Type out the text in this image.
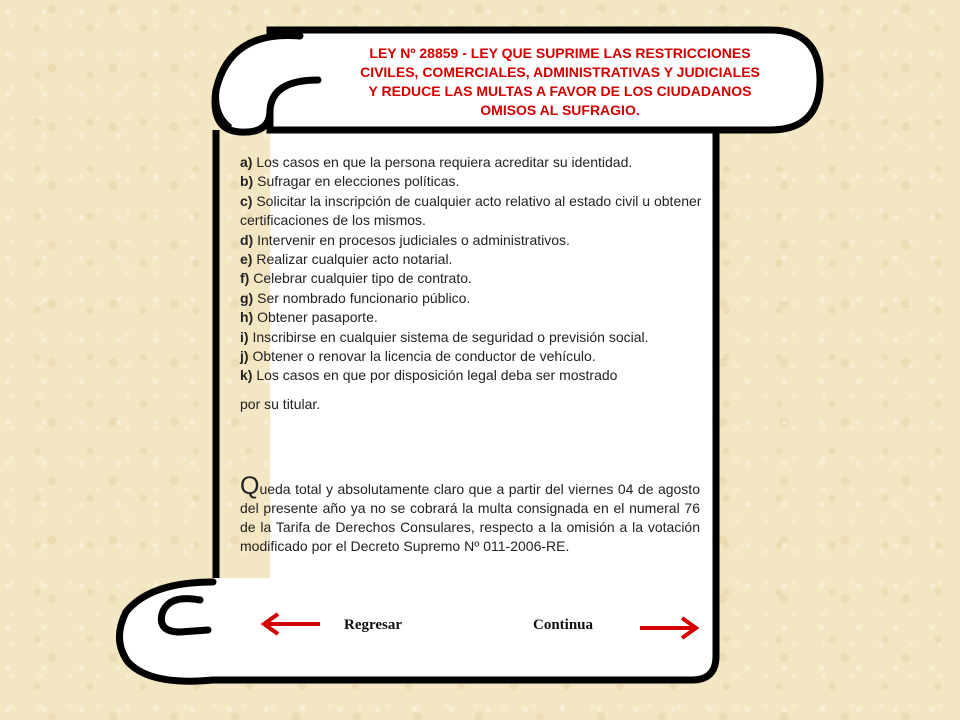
LEY Nº 28859 - LEY QUE SUPRIME LAS RESTRICCIONES
CIVILES, COMERCIALES, ADMINISTRATIVAS Y JUDICIALES
Y REDUCE LAS MULTAS A FAVOR DE LOS CIUDADANOS
OMISOS AL SUFRAGIO.

a) Los casos en que la persona requiera acreditar su identidad.

b) Sufragar en elecciones políticas.

c) Solicitar la inscripción de cualquier acto relativo al estado civil u obtener certificaciones de los mismos.

d) Intervenir en procesos judiciales o administrativos.

e) Realizar cualquier acto notarial.

f) Celebrar cualquier tipo de contrato.

g) Ser nombrado funcionario público.

h) Obtener pasaporte.

i) Inscribirse en cualquier sistema de seguridad o previsión social.

j) Obtener o renovar la licencia de conductor de vehículo.

k) Los casos en que por disposición legal deba ser mostrado
por su titular.

Queda total y absolutamente claro que a partir del viernes 04 de agosto del presente año ya no se cobrará la multa consignada en el numeral 76 de la Tarifa de Derechos Consulares, respecto a la omisión a la votación modificado por el Decreto Supremo Nº 011-2006-RE.

Regresar	Continua
